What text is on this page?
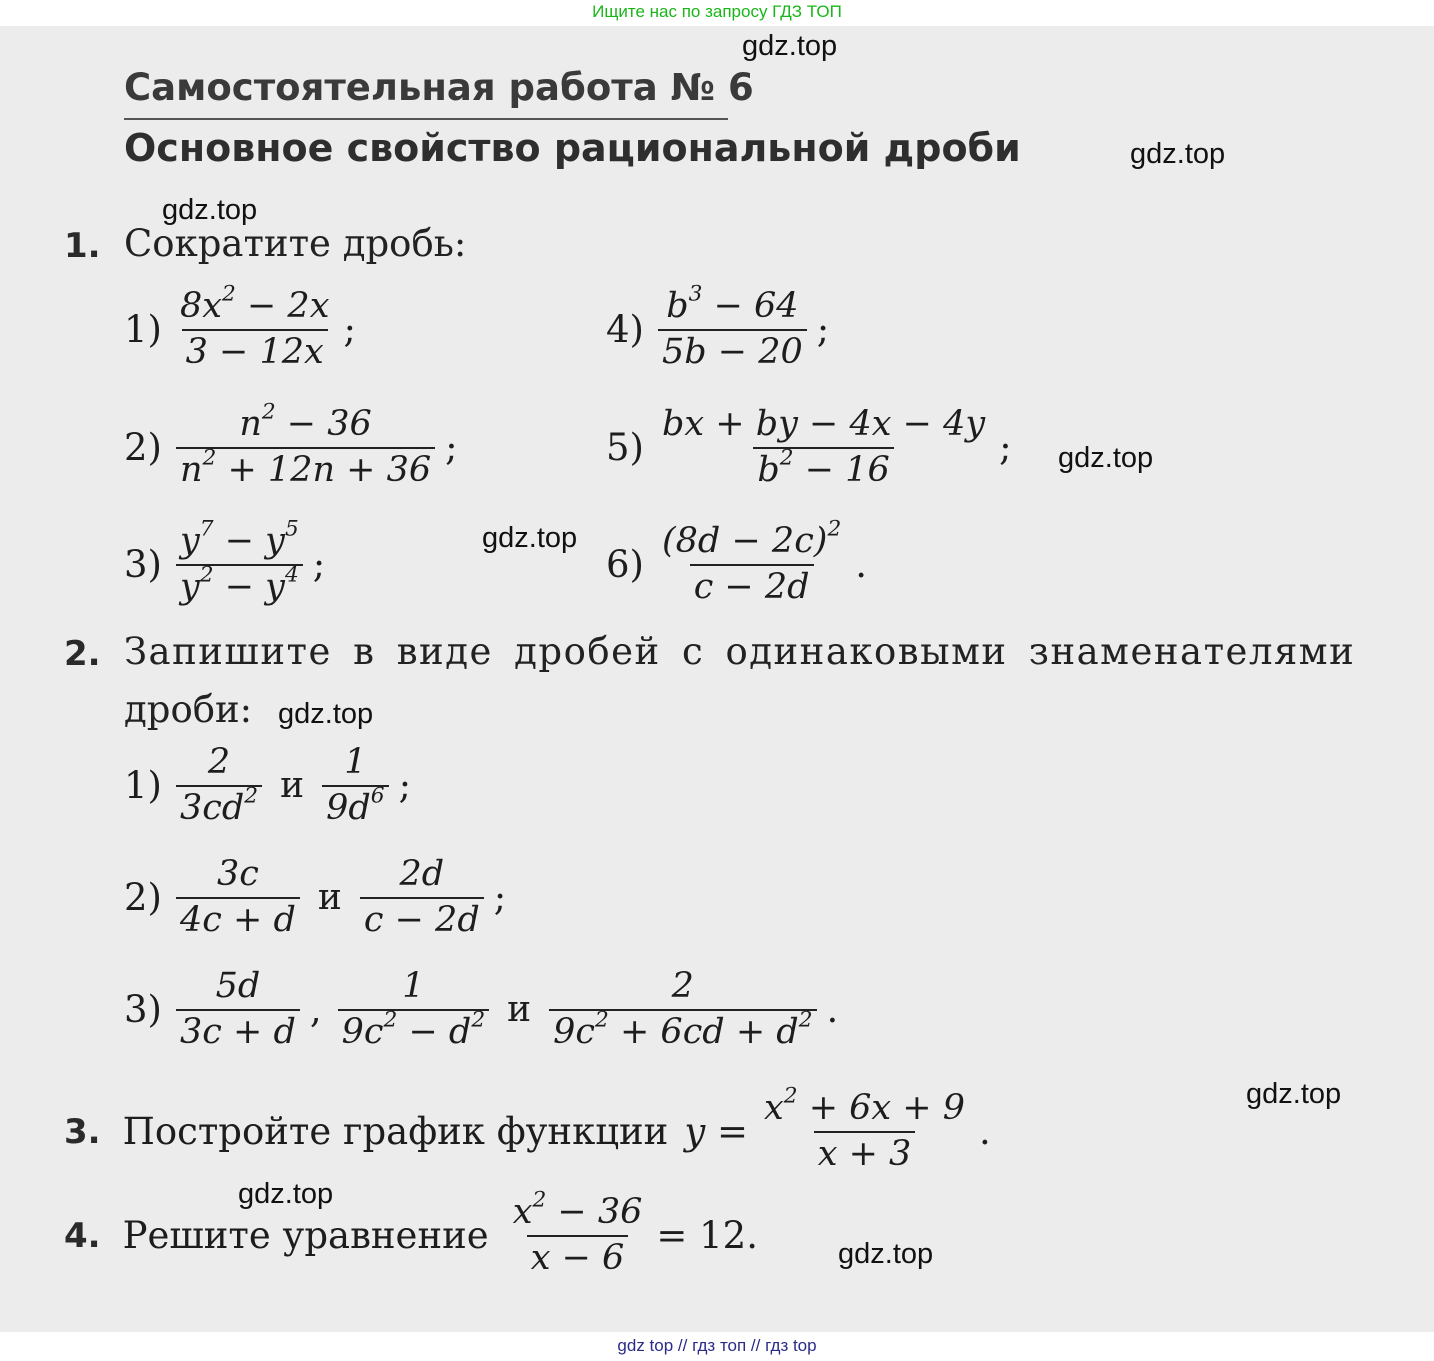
Ищите нас по запросу ГДЗ ТОП
Самостоятельная работа № 6
Основное свойство рациональной дроби
1. Сократите дробь:
$1) \frac{8x^2 - 2x}{3 - 12x}$ ;	$4) \frac{b^3 - 64}{5b - 20}$ ;
$2) \frac{n^2 - 36}{n^2 + 12n + 36}$ ;	$5) \frac{bx + by - 4x - 4y}{b^2 - 16}$ ;
$3) \frac{y^7 - y^5}{y^2 - y^4}$ ;	$6) \frac{(8d - 2c)^2}{c - 2d}$ .
2. Запишите в виде дробей с одинаковыми знаменателями
дроби:
$1) \frac{2}{3cd^2}$ и $\frac{1}{9d^6}$ ;
$2) \frac{3c}{4c + d}$ и $\frac{2d}{c - 2d}$ ;
$3) \frac{5d}{3c + d}$ , $\frac{1}{9c^2 - d^2}$ и $\frac{2}{9c^2 + 6cd + d^2}$ .
3. Постройте график функции $y = \frac{x^2 + 6x + 9}{x + 3}$ .
4. Решите уравнение $\frac{x^2 - 36}{x - 6} = 12$.
gdz.top
gdz.top
gdz.top
gdz.top
gdz.top
gdz.top
gdz.top
gdz.top
gdz.top
gdz top // гдз топ // гдз top
